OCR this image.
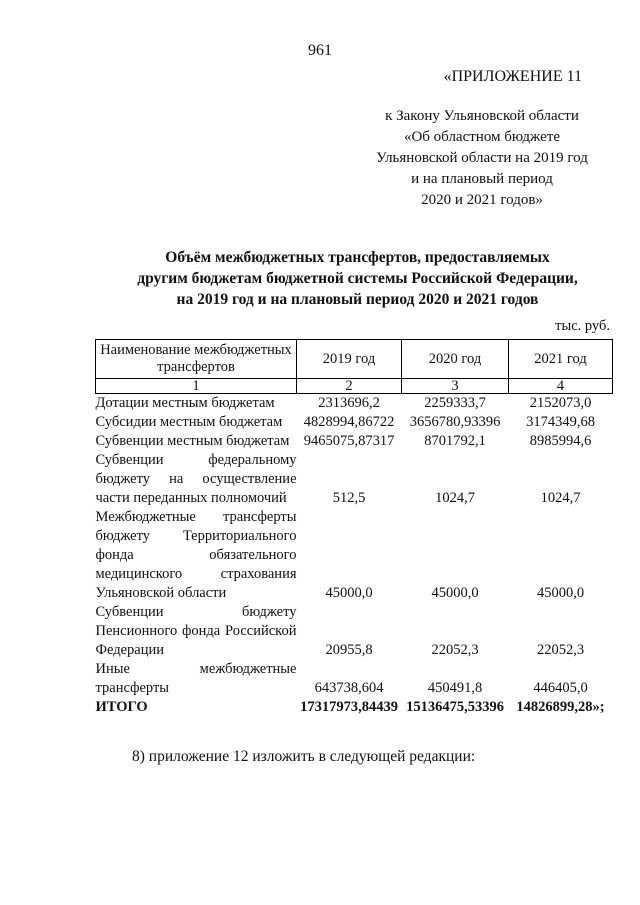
961
«ПРИЛОЖЕНИЕ 11
к Закону Ульяновской области
«Об областном бюджете
Ульяновской области на 2019 год
и на плановый период
2020 и 2021 годов»
Объём межбюджетных трансфертов, предоставляемых
другим бюджетам бюджетной системы Российской Федерации,
на 2019 год и на плановый период 2020 и 2021 годов
тыс. руб.
Наименование межбюджетных трансфертов	2019 год	2020 год	2021 год
1	2	3	4
Дотации местным бюджетам	2313696,2	2259333,7	2152073,0
Субсидии местным бюджетам	4828994,86722	3656780,93396	3174349,68
Субвенции местным бюджетам	9465075,87317	8701792,1	8985994,6
Субвенции федеральному бюджету на осуществление части переданных полномочий	512,5	1024,7	1024,7
Межбюджетные трансферты бюджету Территориального фонда обязательного медицинского страхования Ульяновской области	45000,0	45000,0	45000,0
Субвенции бюджету Пенсионного фонда Российской Федерации	20955,8	22052,3	22052,3
Иные межбюджетные трансферты	643738,604	450491,8	446405,0
ИТОГО	17317973,84439	15136475,53396	14826899,28»;
8) приложение 12 изложить в следующей редакции:
